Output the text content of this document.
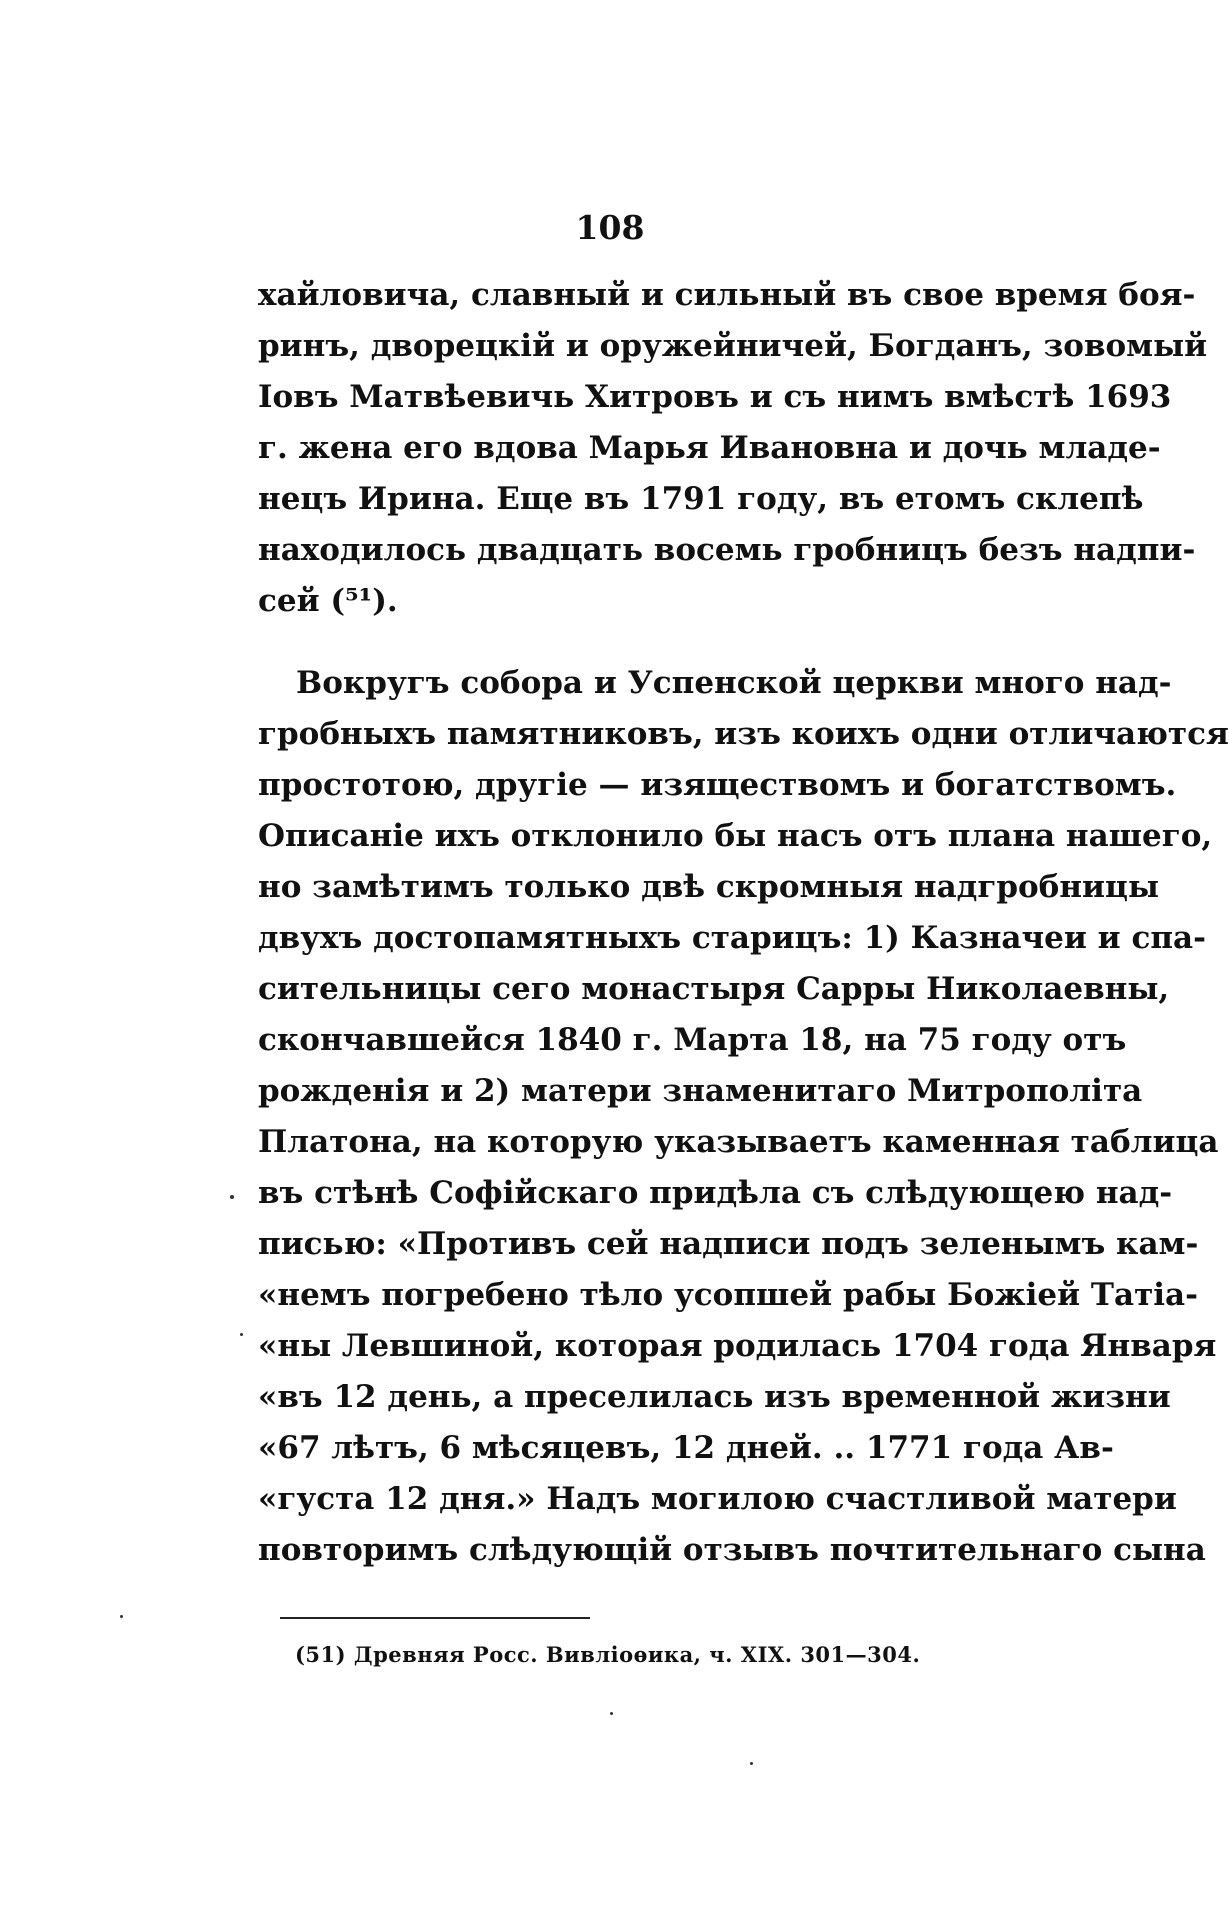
108
хайловича, славный и сильный въ свое время боя-
ринъ, дворецкій и оружейничей, Богданъ, зовомый
Іовъ Матвѣевичь Хитровъ и съ нимъ вмѣстѣ 1693
г. жена его вдова Марья Ивановна и дочь младе-
нецъ Ирина. Еще въ 1791 году, въ етомъ склепѣ
находилось двадцать восемь гробницъ безъ надпи-
сей (⁵¹).
Вокругъ собора и Успенской церкви много над-
гробныхъ памятниковъ, изъ коихъ одни отличаются
простотою, другіе — изяществомъ и богатствомъ.
Описаніе ихъ отклонило бы насъ отъ плана нашего,
но замѣтимъ только двѣ скромныя надгробницы
двухъ достопамятныхъ старицъ: 1) Казначеи и спа-
сительницы сего монастыря Сарры Николаевны,
скончавшейся 1840 г. Марта 18, на 75 году отъ
рожденія и 2) матери знаменитаго Митрополіта
Платона, на которую указываетъ каменная таблица
въ стѣнѣ Софійскаго придѣла съ слѣдующею над-
писью: «Противъ сей надписи подъ зеленымъ кам-
«немъ погребено тѣло усопшей рабы Божіей Татіа-
«ны Левшиной, которая родилась 1704 года Января
«въ 12 день, а преселилась изъ временной жизни
«67 лѣтъ, 6 мѣсяцевъ, 12 дней. .. 1771 года Ав-
«густа 12 дня.» Надъ могилою счастливой матери
повторимъ слѣдующій отзывъ почтительнаго сына
(51) Древняя Росс. Вивліоѳика, ч. XIX. 301—304.
